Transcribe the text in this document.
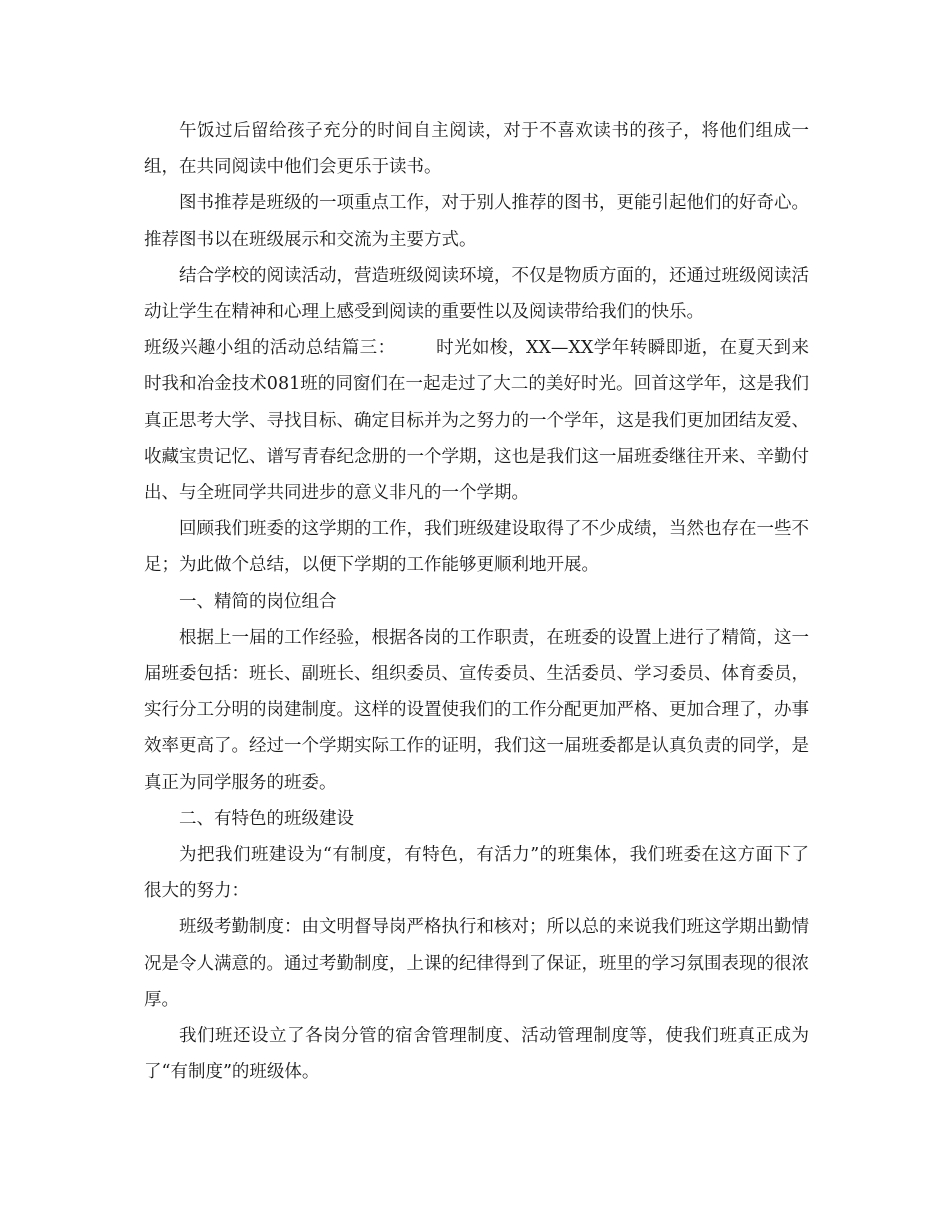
午饭过后留给孩子充分的时间自主阅读，对于不喜欢读书的孩子，将他们组成一组，在共同阅读中他们会更乐于读书。

图书推荐是班级的一项重点工作，对于别人推荐的图书，更能引起他们的好奇心。推荐图书以在班级展示和交流为主要方式。

结合学校的阅读活动，营造班级阅读环境，不仅是物质方面的，还通过班级阅读活动让学生在精神和心理上感受到阅读的重要性以及阅读带给我们的快乐。

班级兴趣小组的活动总结篇三： 时光如梭，XX—XX学年转瞬即逝，在夏天到来时我和冶金技术081班的同窗们在一起走过了大二的美好时光。回首这学年，这是我们真正思考大学、寻找目标、确定目标并为之努力的一个学年，这是我们更加团结友爱、收藏宝贵记忆、谱写青春纪念册的一个学期，这也是我们这一届班委继往开来、辛勤付出、与全班同学共同进步的意义非凡的一个学期。

回顾我们班委的这学期的工作，我们班级建设取得了不少成绩，当然也存在一些不足；为此做个总结，以便下学期的工作能够更顺利地开展。

一、精简的岗位组合

根据上一届的工作经验，根据各岗的工作职责，在班委的设置上进行了精简，这一届班委包括：班长、副班长、组织委员、宣传委员、生活委员、学习委员、体育委员，实行分工分明的岗建制度。这样的设置使我们的工作分配更加严格、更加合理了，办事效率更高了。经过一个学期实际工作的证明，我们这一届班委都是认真负责的同学，是真正为同学服务的班委。

二、有特色的班级建设

为把我们班建设为“有制度，有特色，有活力”的班集体，我们班委在这方面下了很大的努力：

班级考勤制度：由文明督导岗严格执行和核对；所以总的来说我们班这学期出勤情况是令人满意的。通过考勤制度，上课的纪律得到了保证，班里的学习氛围表现的很浓厚。

我们班还设立了各岗分管的宿舍管理制度、活动管理制度等，使我们班真正成为了“有制度”的班级体。
